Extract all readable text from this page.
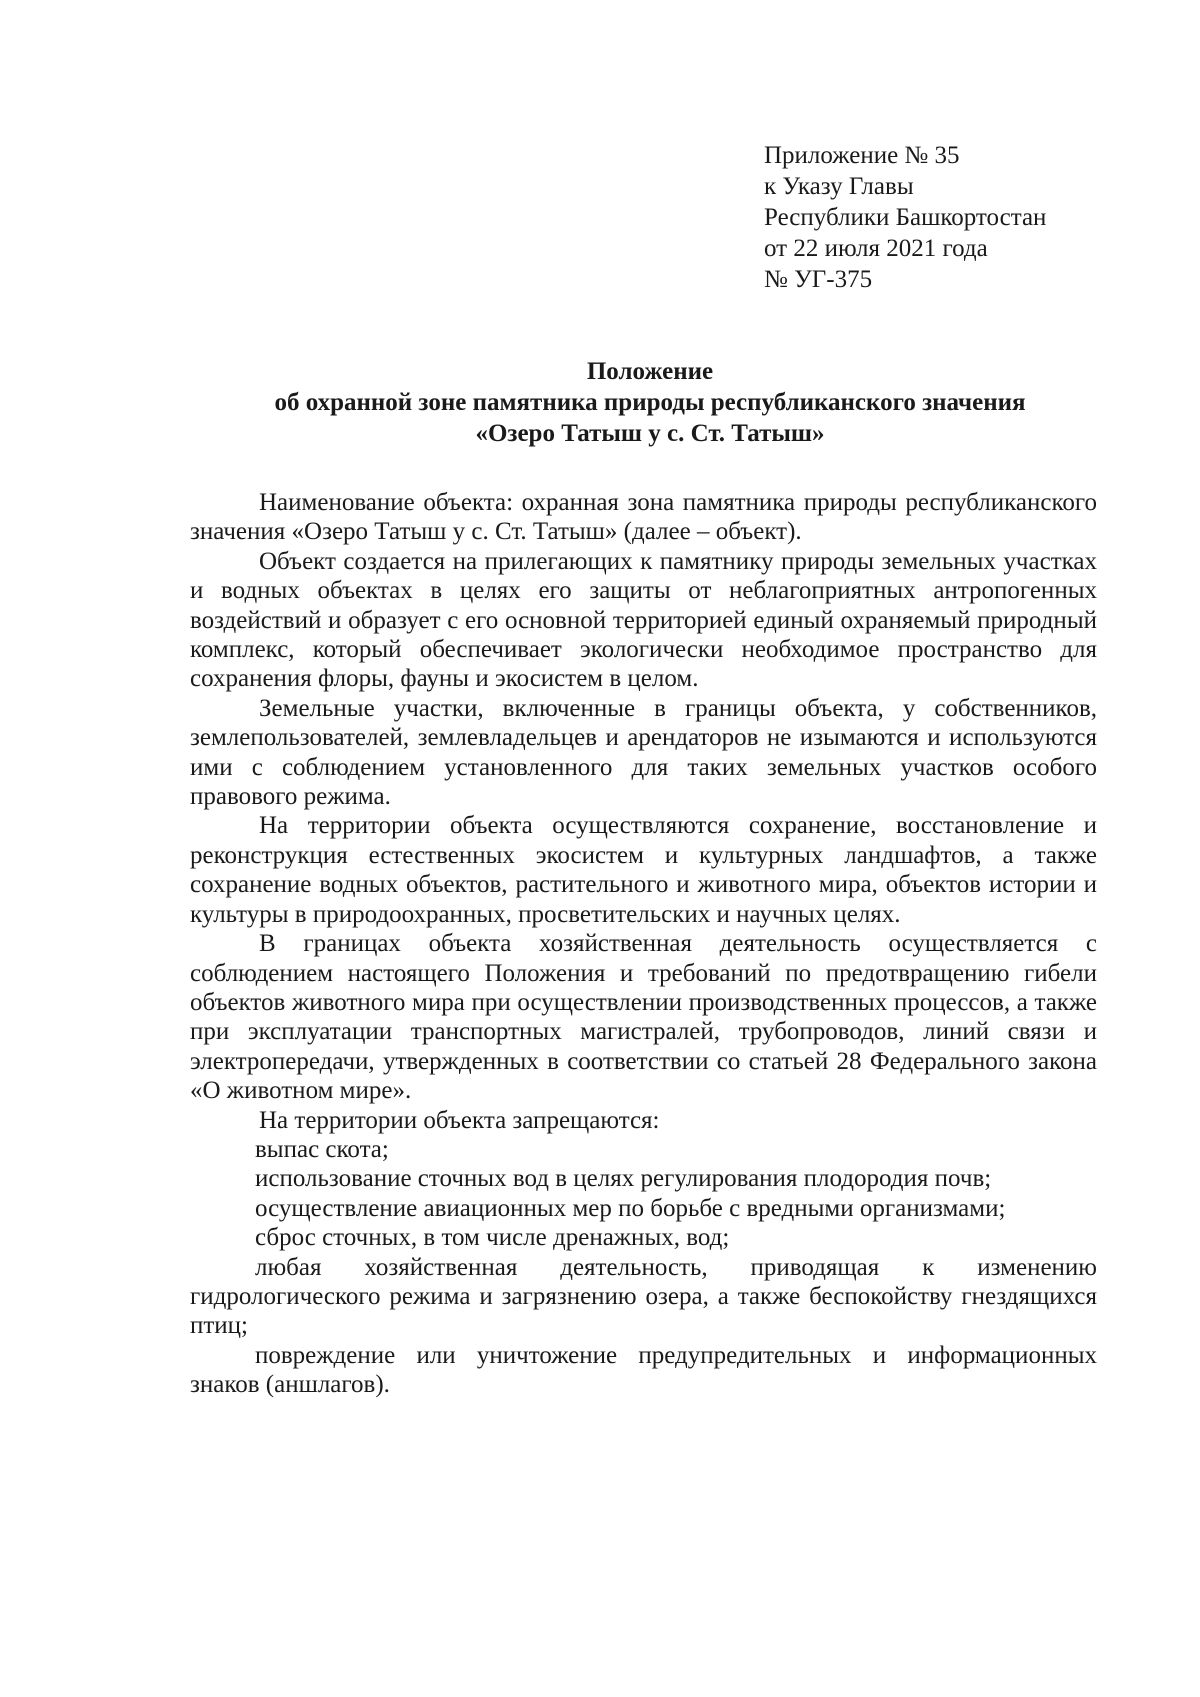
Приложение № 35
к Указу Главы
Республики Башкортостан
от 22 июля 2021 года
№ УГ-375
Положение
об охранной зоне памятника природы республиканского значения
«Озеро Татыш у с. Ст. Татыш»

Наименование объекта: охранная зона памятника природы республиканского значения «Озеро Татыш у с. Ст. Татыш» (далее – объект).

Объект создается на прилегающих к памятнику природы земельных участках и водных объектах в целях его защиты от неблагоприятных антропогенных воздействий и образует с его основной территорией единый охраняемый природный комплекс, который обеспечивает экологически необходимое пространство для сохранения флоры, фауны и экосистем в целом.

Земельные участки, включенные в границы объекта, у собственников, землепользователей, землевладельцев и арендаторов не изымаются и используются ими с соблюдением установленного для таких земельных участков особого правового режима.

На территории объекта осуществляются сохранение, восстановление и реконструкция естественных экосистем и культурных ландшафтов, а также сохранение водных объектов, растительного и животного мира, объектов истории и культуры в природоохранных, просветительских и научных целях.

В границах объекта хозяйственная деятельность осуществляется с соблюдением настоящего Положения и требований по предотвращению гибели объектов животного мира при осуществлении производственных процессов, а также при эксплуатации транспортных магистралей, трубопроводов, линий связи и электропередачи, утвержденных в соответствии со статьей 28 Федерального закона «О животном мире».

На территории объекта запрещаются:

выпас скота;

использование сточных вод в целях регулирования плодородия почв;

осуществление авиационных мер по борьбе с вредными организмами;

сброс сточных, в том числе дренажных, вод;

любая хозяйственная деятельность, приводящая к изменению гидрологического режима и загрязнению озера, а также беспокойству гнездящихся птиц;

повреждение или уничтожение предупредительных и информационных знаков (аншлагов).
